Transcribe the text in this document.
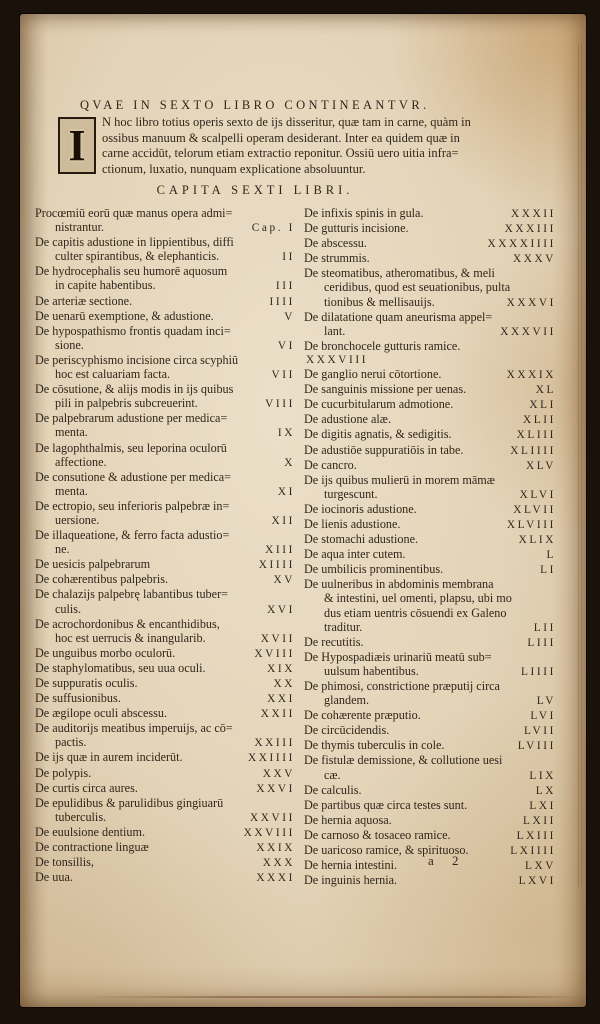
QVAE IN SEXTO LIBRO CONTINEANTVR.
I	N hoc libro totius operis sexto de ijs disseritur, quæ tam in carne, quàm in
ossibus manuum & scalpelli operam desiderant. Inter ea quidem quæ in
carne accidūt, telorum etiam extractio reponitur. Ossiū uero uitia infra=
ctionum, luxatio, nunquam explicatione absoluuntur.
CAPITA SEXTI LIBRI.
Procœmiū eorū quæ manus opera admi=
nistrantur.	Cap. I
De capitis adustione in lippientibus, diffi
culter spirantibus, & elephanticis.	II
De hydrocephalis seu humorē aquosum
in capite habentibus.	III
De arteriæ sectione.	IIII
De uenarū exemptione, & adustione.	V
De hypospathismo frontis quadam inci=
sione.	VI
De periscyphismo incisione circa scyphiū
hoc est caluariam facta.	VII
De cōsutione, & alijs modis in ijs quibus
pili in palpebris subcreuerint.	VIII
De palpebrarum adustione per medica=
menta.	IX
De lagophthalmis, seu leporina oculorū
affectione.	X
De consutione & adustione per medica=
menta.	XI
De ectropio, seu inferioris palpebræ in=
uersione.	XII
De illaqueatione, & ferro facta adustio=
ne.	XIII
De uesicis palpebrarum	XIIII
De cohærentibus palpebris.	XV
De chalazijs palpebrę labantibus tuber=
culis.	XVI
De acrochordonibus & encanthidibus,
hoc est uerrucis & inangularib.	XVII
De unguibus morbo oculorū.	XVIII
De staphylomatibus, seu uua oculi.	XIX
De suppuratis oculis.	XX
De suffusionibus.	XXI
De ægilope oculi abscessu.	XXII
De auditorijs meatibus imperuijs, ac cō=
pactis.	XXIII
De ijs quæ in aurem inciderūt.	XXIIII
De polypis.	XXV
De curtis circa aures.	XXVI
De epulidibus & parulidibus gingiuarū
tuberculis.	XXVII
De euulsione dentium.	XXVIII
De contractione linguæ	XXIX
De tonsillis,	XXX
De uua.	XXXI
De infixis spinis in gula.	XXXII
De gutturis incisione.	XXXIII
De abscessu.	XXXXIIII
De strummis.	XXXV
De steomatibus, atheromatibus, & meli
ceridibus, quod est seuationibus, pulta
tionibus & mellisauijs.	XXXVI
De dilatatione quam aneurisma appel=
lant.	XXXVII
De bronchocele gutturis ramice.
XXXVIII
De ganglio nerui cōtortione.	XXXIX
De sanguinis missione per uenas.	XL
De cucurbitularum admotione.	XLI
De adustione alæ.	XLII
De digitis agnatis, & sedigitis.	XLIII
De adustiōe suppuratiōis in tabe.	XLIIII
De cancro.	XLV
De ijs quibus mulierū in morem māmæ
turgescunt.	XLVI
De iocinoris adustione.	XLVII
De lienis adustione.	XLVIII
De stomachi adustione.	XLIX
De aqua inter cutem.	L
De umbilicis prominentibus.	LI
De uulneribus in abdominis membrana
& intestini, uel omenti, plapsu, ubi mo
dus etiam uentris cōsuendi ex Galeno
traditur.	LII
De recutitis.	LIII
De Hypospadiæis urinariū meatū sub=
uulsum habentibus.	LIIII
De phimosi, constrictione præputij circa
glandem.	LV
De cohærente præputio.	LVI
De circūcidendis.	LVII
De thymis tuberculis in cole.	LVIII
De fistulæ demissione, & collutione uesi
cæ.	LIX
De calculis.	LX
De partibus quæ circa testes sunt.	LXI
De hernia aquosa.	LXII
De carnoso & tosaceo ramice.	LXIII
De uaricoso ramice, & spirituoso.	LXIIII
De hernia intestini.	LXV
De inguinis hernia.	LXVI
a 2
